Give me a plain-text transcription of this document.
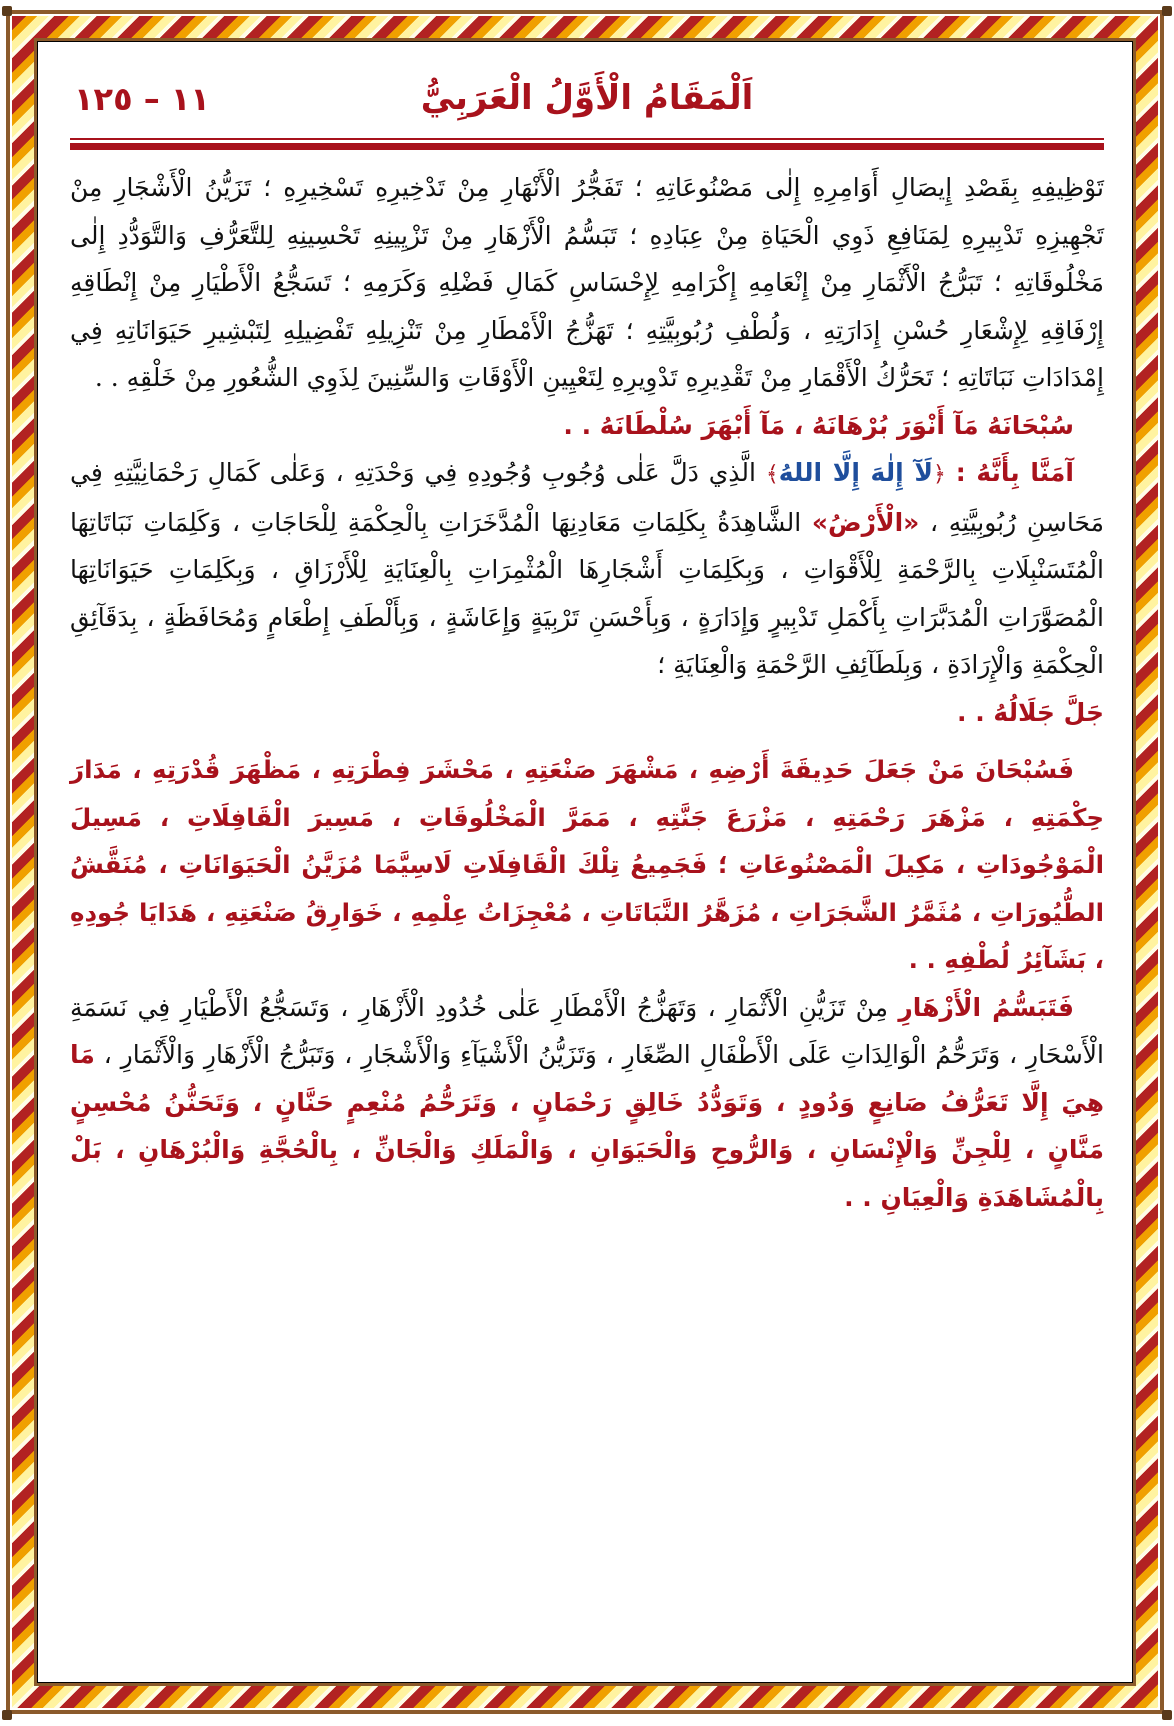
اَلْمَقَامُ الْأَوَّلُ الْعَرَبِيُّ
١١ – ١٢٥

تَوْظِيفِهِ بِقَصْدِ إِيصَالِ أَوَامِرِهِ إِلٰى مَصْنُوعَاتِهِ ؛ تَفَجُّرُ الْأَنْهَارِ مِنْ تَدْخِيرِهِ تَسْخِيرِهِ ؛ تَزَيُّنُ الْأَشْجَارِ مِنْ تَجْهِيزِهِ تَدْبِيرِهِ لِمَنَافِعِ ذَوِي الْحَيَاةِ مِنْ عِبَادِهِ ؛ تَبَسُّمُ الْأَزْهَارِ مِنْ تَزْيِينِهِ تَحْسِينِهِ لِلتَّعَرُّفِ وَالتَّوَدُّدِ إِلٰى مَخْلُوقَاتِهِ ؛ تَبَرُّجُ الْأَثْمَارِ مِنْ إِنْعَامِهِ إِكْرَامِهِ لِإِحْسَاسِ كَمَالِ فَضْلِهِ وَكَرَمِهِ ؛ تَسَجُّعُ الْأَطْيَارِ مِنْ إِنْطَاقِهِ إِرْفَاقِهِ لِإِشْعَارِ حُسْنِ إِدَارَتِهِ ، وَلُطْفِ رُبُوبِيَّتِهِ ؛ تَهَزُّجُ الْأَمْطَارِ مِنْ تَنْزِيلِهِ تَفْضِيلِهِ لِتَبْشِيرِ حَيَوَانَاتِهِ فِي إِمْدَادَاتِ نَبَاتَاتِهِ ؛ تَحَرُّكُ الْأَقْمَارِ مِنْ تَقْدِيرِهِ تَدْوِيرِهِ لِتَعْيِينِ الْأَوْقَاتِ وَالسِّنِينَ لِذَوِي الشُّعُورِ مِنْ خَلْقِهِ . .

سُبْحَانَهُ مَآ أَنْوَرَ بُرْهَانَهُ ، مَآ أَبْهَرَ سُلْطَانَهُ . .

آمَنَّا بِأَنَّهُ : ﴿لَآ إِلٰهَ إِلَّا اللهُ﴾ الَّذِي دَلَّ عَلٰى وُجُوبِ وُجُودِهِ فِي وَحْدَتِهِ ، وَعَلٰى كَمَالِ رَحْمَانِيَّتِهِ فِي مَحَاسِنِ رُبُوبِيَّتِهِ ، «الْأَرْضُ» الشَّاهِدَةُ بِكَلِمَاتِ مَعَادِنِهَا الْمُدَّخَرَاتِ بِالْحِكْمَةِ لِلْحَاجَاتِ ، وَكَلِمَاتِ نَبَاتَاتِهَا الْمُتَسَنْبِلَاتِ بِالرَّحْمَةِ لِلْأَقْوَاتِ ، وَبِكَلِمَاتِ أَشْجَارِهَا الْمُثْمِرَاتِ بِالْعِنَايَةِ لِلْأَرْزَاقِ ، وَبِكَلِمَاتِ حَيَوَانَاتِهَا الْمُصَوَّرَاتِ الْمُدَبَّرَاتِ بِأَكْمَلِ تَدْبِيرٍ وَإِدَارَةٍ ، وَبِأَحْسَنِ تَرْبِيَةٍ وَإِعَاشَةٍ ، وَبِأَلْطَفِ إِطْعَامٍ وَمُحَافَظَةٍ ، بِدَقَآئِقِ الْحِكْمَةِ وَالْإِرَادَةِ ، وَبِلَطَآئِفِ الرَّحْمَةِ وَالْعِنَايَةِ ؛
جَلَّ جَلَالُهُ . .

فَسُبْحَانَ مَنْ جَعَلَ حَدِيقَةَ أَرْضِهِ ، مَشْهَرَ صَنْعَتِهِ ، مَحْشَرَ فِطْرَتِهِ ، مَظْهَرَ قُدْرَتِهِ ، مَدَارَ حِكْمَتِهِ ، مَزْهَرَ رَحْمَتِهِ ، مَزْرَعَ جَنَّتِهِ ، مَمَرَّ الْمَخْلُوقَاتِ ، مَسِيرَ الْقَافِلَاتِ ، مَسِيلَ الْمَوْجُودَاتِ ، مَكِيلَ الْمَصْنُوعَاتِ ؛ فَجَمِيعُ تِلْكَ الْقَافِلَاتِ لَاسِيَّمَا مُزَيَّنُ الْحَيَوَانَاتِ ، مُنَقَّشُ الطُّيُورَاتِ ، مُثَمَّرُ الشَّجَرَاتِ ، مُزَهَّرُ النَّبَاتَاتِ ، مُعْجِزَاتُ عِلْمِهِ ، خَوَارِقُ صَنْعَتِهِ ، هَدَايَا جُودِهِ ، بَشَآئِرُ لُطْفِهِ . .

فَتَبَسُّمُ الْأَزْهَارِ مِنْ تَزَيُّنِ الْأَثْمَارِ ، وَتَهَزُّجُ الْأَمْطَارِ عَلٰى خُدُودِ الْأَزْهَارِ ، وَتَسَجُّعُ الْأَطْيَارِ فِي نَسَمَةِ الْأَسْحَارِ ، وَتَرَحُّمُ الْوَالِدَاتِ عَلَى الْأَطْفَالِ الصِّغَارِ ، وَتَزَيُّنُ الْأَشْيَآءِ وَالْأَشْجَارِ ، وَتَبَرُّجُ الْأَزْهَارِ وَالْأَثْمَارِ ، مَا هِيَ إِلَّا تَعَرُّفُ صَانِعٍ وَدُودٍ ، وَتَوَدُّدُ خَالِقٍ رَحْمَانٍ ، وَتَرَحُّمُ مُنْعِمٍ حَنَّانٍ ، وَتَحَنُّنُ مُحْسِنٍ مَنَّانٍ ، لِلْجِنِّ وَالْإِنْسَانِ ، وَالرُّوحِ وَالْحَيَوَانِ ، وَالْمَلَكِ وَالْجَانِّ ، بِالْحُجَّةِ وَالْبُرْهَانِ ، بَلْ بِالْمُشَاهَدَةِ وَالْعِيَانِ . .
